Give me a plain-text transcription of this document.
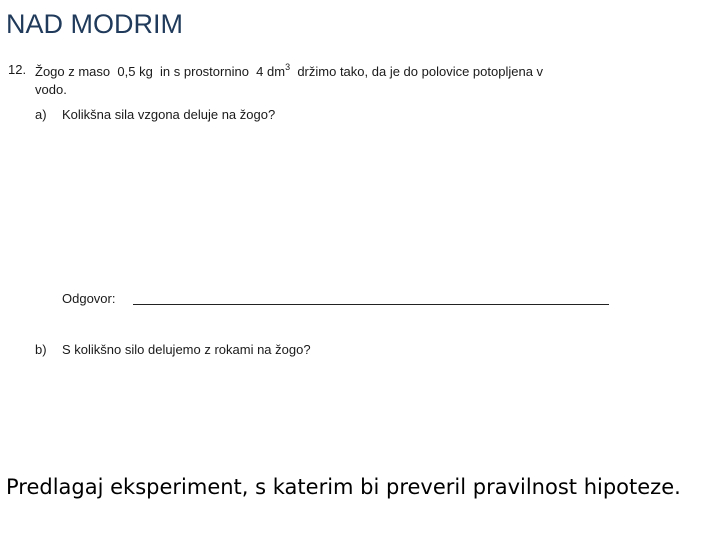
NAD MODRIM
12. Žogo z maso 0,5 kg in s prostornino 4 $dm^3$ držimo tako, da je do polovice potopljena v
vodo.
a) Kolikšna sila vzgona deluje na žogo?
Odgovor:
b) S kolikšno silo delujemo z rokami na žogo?

Predlagaj eksperiment, s katerim bi preveril pravilnost hipoteze.
